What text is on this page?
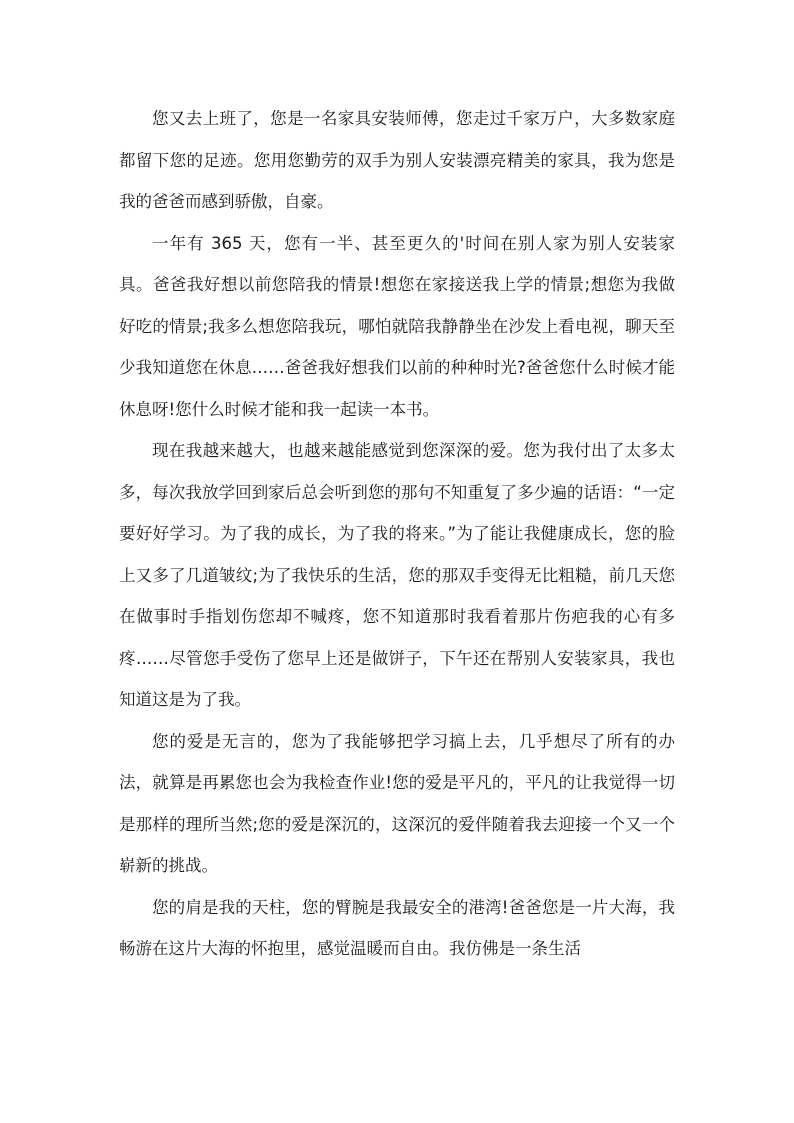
您又去上班了，您是一名家具安装师傅，您走过千家万户，大多数家庭都留下您的足迹。您用您勤劳的双手为别人安装漂亮精美的家具，我为您是我的爸爸而感到骄傲，自豪。

一年有 365 天，您有一半、甚至更久的'时间在别人家为别人安装家具。爸爸我好想以前您陪我的情景!想您在家接送我上学的情景;想您为我做好吃的情景;我多么想您陪我玩，哪怕就陪我静静坐在沙发上看电视，聊天至少我知道您在休息……爸爸我好想我们以前的种种时光?爸爸您什么时候才能休息呀!您什么时候才能和我一起读一本书。

现在我越来越大，也越来越能感觉到您深深的爱。您为我付出了太多太多，每次我放学回到家后总会听到您的那句不知重复了多少遍的话语：“一定要好好学习。为了我的成长，为了我的将来。”为了能让我健康成长，您的脸上又多了几道皱纹;为了我快乐的生活，您的那双手变得无比粗糙，前几天您在做事时手指划伤您却不喊疼，您不知道那时我看着那片伤疤我的心有多疼……尽管您手受伤了您早上还是做饼子，下午还在帮别人安装家具，我也知道这是为了我。

您的爱是无言的，您为了我能够把学习搞上去，几乎想尽了所有的办法，就算是再累您也会为我检查作业!您的爱是平凡的，平凡的让我觉得一切是那样的理所当然;您的爱是深沉的，这深沉的爱伴随着我去迎接一个又一个崭新的挑战。

您的肩是我的天柱，您的臂腕是我最安全的港湾!爸爸您是一片大海，我畅游在这片大海的怀抱里，感觉温暖而自由。我仿佛是一条生活
